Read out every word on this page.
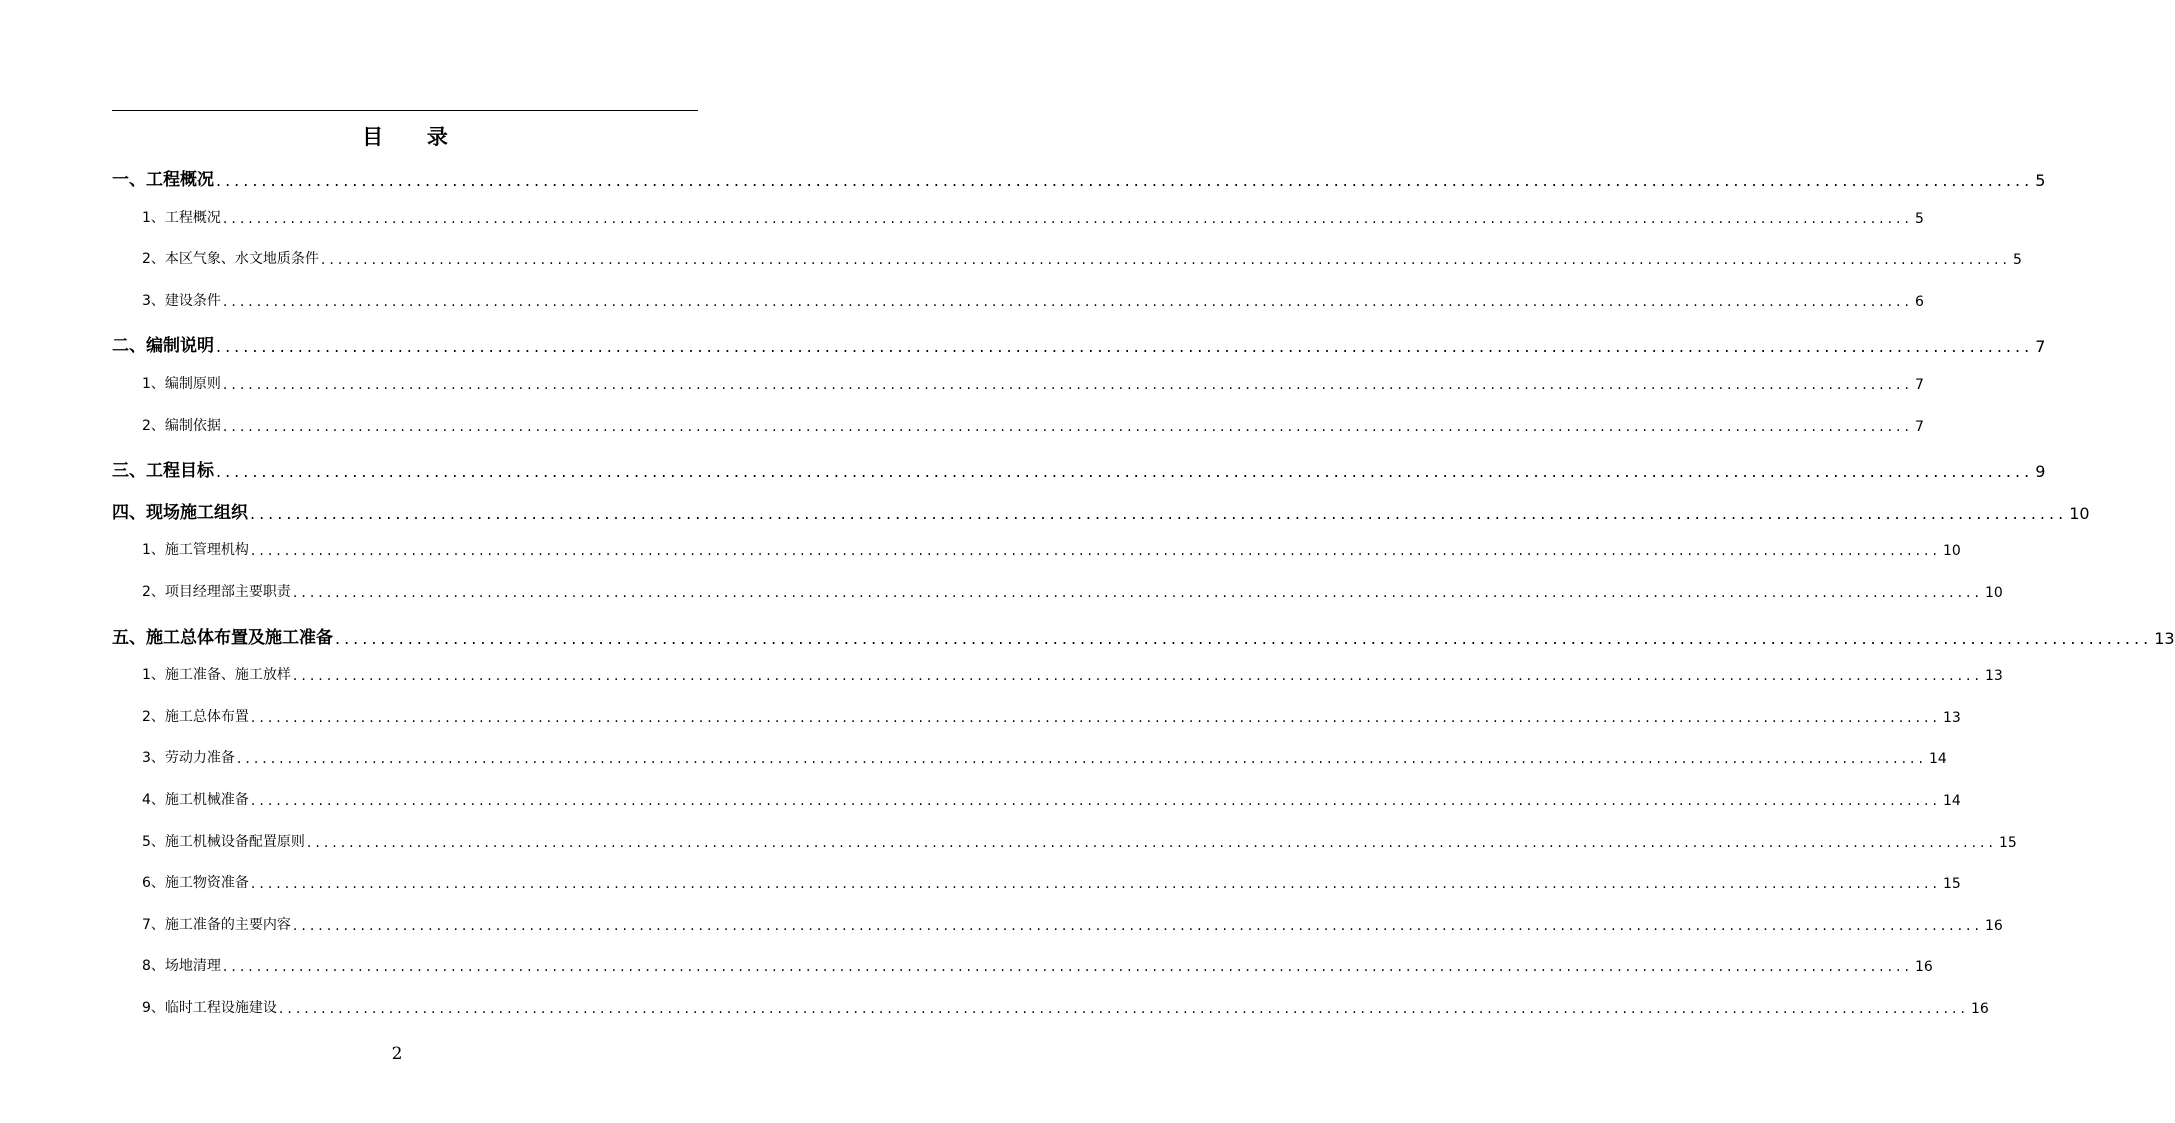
目      录
一、工程概况 ........................................................................................................................................................................................................ 5
1、工程概况 ........................................................................................................................................................................................................ 5
2、本区气象、水文地质条件 ........................................................................................................................................................................................................ 5
3、建设条件 ........................................................................................................................................................................................................ 6
二、编制说明 ........................................................................................................................................................................................................ 7
1、编制原则 ........................................................................................................................................................................................................ 7
2、编制依据 ........................................................................................................................................................................................................ 7
三、工程目标 ........................................................................................................................................................................................................ 9
四、现场施工组织 ........................................................................................................................................................................................................ 10
1、施工管理机构 ........................................................................................................................................................................................................ 10
2、项目经理部主要职责 ........................................................................................................................................................................................................ 10
五、施工总体布置及施工准备 ........................................................................................................................................................................................................ 13
1、施工准备、施工放样 ........................................................................................................................................................................................................ 13
2、施工总体布置 ........................................................................................................................................................................................................ 13
3、劳动力准备 ........................................................................................................................................................................................................ 14
4、施工机械准备 ........................................................................................................................................................................................................ 14
5、施工机械设备配置原则 ........................................................................................................................................................................................................ 15
6、施工物资准备 ........................................................................................................................................................................................................ 15
7、施工准备的主要内容 ........................................................................................................................................................................................................ 16
8、场地清理 ........................................................................................................................................................................................................ 16
9、临时工程设施建设 ........................................................................................................................................................................................................ 16
2
